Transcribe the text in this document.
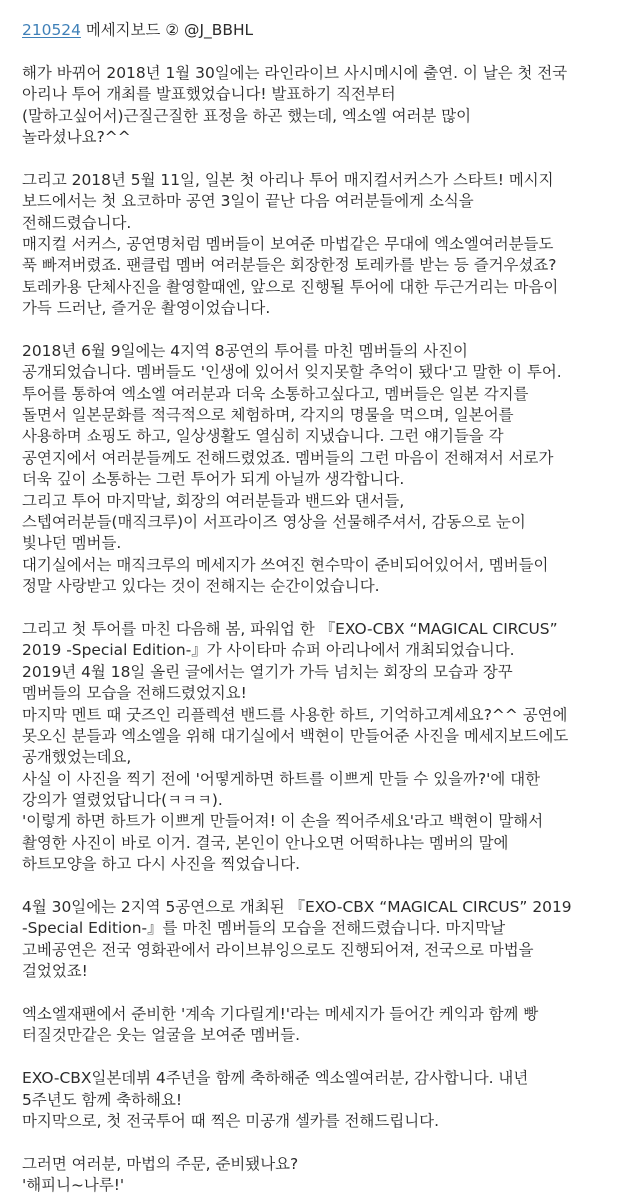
210524 메세지보드 ② @J_BBHL
해가 바뀌어 2018년 1월 30일에는 라인라이브 사시메시에 출연. 이 날은 첫 전국
아리나 투어 개최를 발표했었습니다! 발표하기 직전부터
(말하고싶어서)근질근질한 표정을 하곤 했는데, 엑소엘 여러분 많이
놀라셨나요?^^
그리고 2018년 5월 11일, 일본 첫 아리나 투어 매지컬서커스가 스타트! 메시지
보드에서는 첫 요코하마 공연 3일이 끝난 다음 여러분들에게 소식을
전해드렸습니다.
매지컬 서커스, 공연명처럼 멤버들이 보여준 마법같은 무대에 엑소엘여러분들도
푹 빠져버렸죠. 팬클럽 멤버 여러분들은 회장한정 토레카를 받는 등 즐거우셨죠?
토레카용 단체사진을 촬영할때엔, 앞으로 진행될 투어에 대한 두근거리는 마음이
가득 드러난, 즐거운 촬영이었습니다.
2018년 6월 9일에는 4지역 8공연의 투어를 마친 멤버들의 사진이
공개되었습니다. 멤버들도 '인생에 있어서 잊지못할 추억이 됐다'고 말한 이 투어.
투어를 통하여 엑소엘 여러분과 더욱 소통하고싶다고, 멤버들은 일본 각지를
돌면서 일본문화를 적극적으로 체험하며, 각지의 명물을 먹으며, 일본어를
사용하며 쇼핑도 하고, 일상생활도 열심히 지냈습니다. 그런 얘기들을 각
공연지에서 여러분들께도 전해드렸었죠. 멤버들의 그런 마음이 전해져서 서로가
더욱 깊이 소통하는 그런 투어가 되게 아닐까 생각합니다.
그리고 투어 마지막날, 회장의 여러분들과 밴드와 댄서들,
스텝여러분들(매직크루)이 서프라이즈 영상을 선물해주셔서, 감동으로 눈이
빛나던 멤버들.
대기실에서는 매직크루의 메세지가 쓰여진 현수막이 준비되어있어서, 멤버들이
정말 사랑받고 있다는 것이 전해지는 순간이었습니다.
그리고 첫 투어를 마친 다음해 봄, 파워업 한 『EXO-CBX “MAGICAL CIRCUS”
2019 -Special Edition-』가 사이타마 슈퍼 아리나에서 개최되었습니다.
2019년 4월 18일 올린 글에서는 열기가 가득 넘치는 회장의 모습과 장꾸
멤버들의 모습을 전해드렸었지요!
마지막 멘트 때 굿즈인 리플렉션 밴드를 사용한 하트, 기억하고계세요?^^ 공연에
못오신 분들과 엑소엘을 위해 대기실에서 백현이 만들어준 사진을 메세지보드에도
공개했었는데요,
사실 이 사진을 찍기 전에 '어떻게하면 하트를 이쁘게 만들 수 있을까?'에 대한
강의가 열렸었답니다(ㅋㅋㅋ).
'이렇게 하면 하트가 이쁘게 만들어져! 이 손을 찍어주세요'라고 백현이 말해서
촬영한 사진이 바로 이거. 결국, 본인이 안나오면 어떡하냐는 멤버의 말에
하트모양을 하고 다시 사진을 찍었습니다.
4월 30일에는 2지역 5공연으로 개최된 『EXO-CBX “MAGICAL CIRCUS” 2019
-Special Edition-』를 마친 멤버들의 모습을 전해드렸습니다. 마지막날
고베공연은 전국 영화관에서 라이브뷰잉으로도 진행되어져, 전국으로 마법을
걸었었죠!
엑소엘재팬에서 준비한 '계속 기다릴게!'라는 메세지가 들어간 케익과 함께 빵
터질것만같은 웃는 얼굴을 보여준 멤버들.
EXO-CBX일본데뷔 4주년을 함께 축하해준 엑소엘여러분, 감사합니다. 내년
5주년도 함께 축하해요!
마지막으로, 첫 전국투어 때 찍은 미공개 셀카를 전해드립니다.
그러면 여러분, 마법의 주문, 준비됐나요?
'해피니~나루!'
